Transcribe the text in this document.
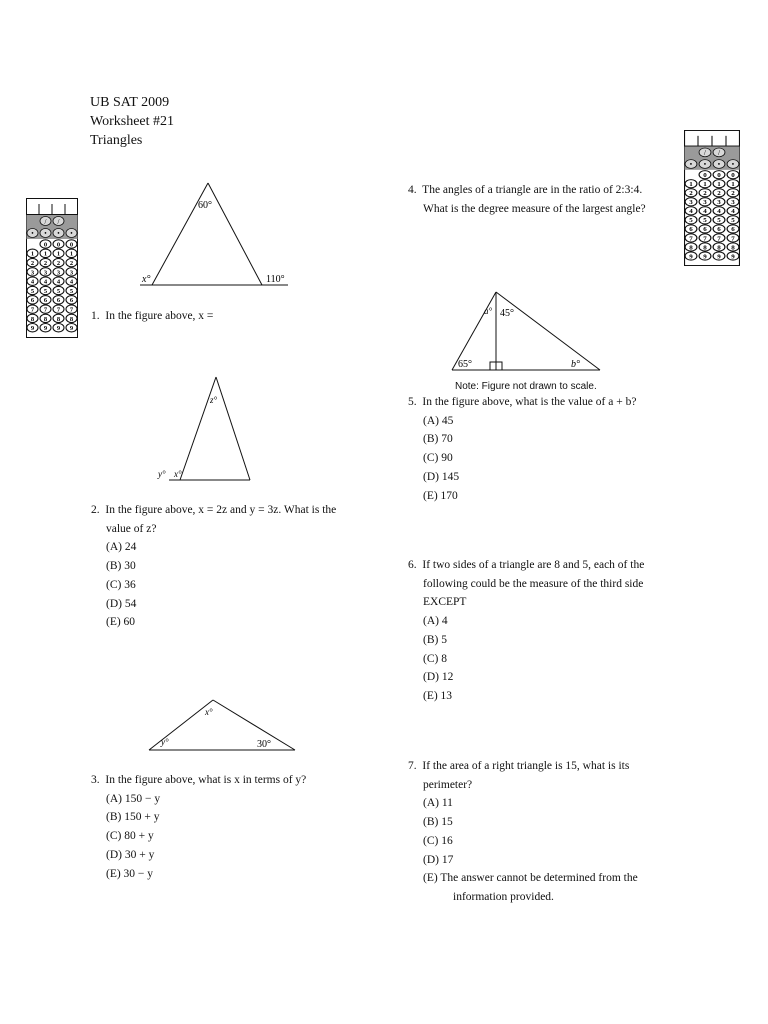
UB SAT 2009
Worksheet #21
Triangles
/ /
• • • •
0 0 0
1 1 1 1
2 2 2 2
3 3 3 3
4 4 4 4
5 5 5 5
6 6 6 6
7 7 7 7
8 8 8 8
9 9 9 9
/ /
• • • •
0 0 0
1 1 1 1
2 2 2 2
3 3 3 3
4 4 4 4
5 5 5 5
6 6 6 6
7 7 7 7
8 8 8 8
9 9 9 9
60°
x°	110°
1. In the figure above, x =
z°
y° x°
2. In the figure above, x = 2z and y = 3z. What is the
value of z?
(A) 24
(B) 30
(C) 36
(D) 54
(E) 60
x°
y°	30°
3. In the figure above, what is x in terms of y?
(A) 150 − y
(B) 150 + y
(C) 80 + y
(D) 30 + y
(E) 30 − y
4. The angles of a triangle are in the ratio of 2:3:4.
What is the degree measure of the largest angle?
a° 45°
65°	b°
Note: Figure not drawn to scale.
5. In the figure above, what is the value of a + b?
(A) 45
(B) 70
(C) 90
(D) 145
(E) 170
6. If two sides of a triangle are 8 and 5, each of the
following could be the measure of the third side
EXCEPT
(A) 4
(B) 5
(C) 8
(D) 12
(E) 13
7. If the area of a right triangle is 15, what is its
perimeter?
(A) 11
(B) 15
(C) 16
(D) 17
(E) The answer cannot be determined from the
information provided.
